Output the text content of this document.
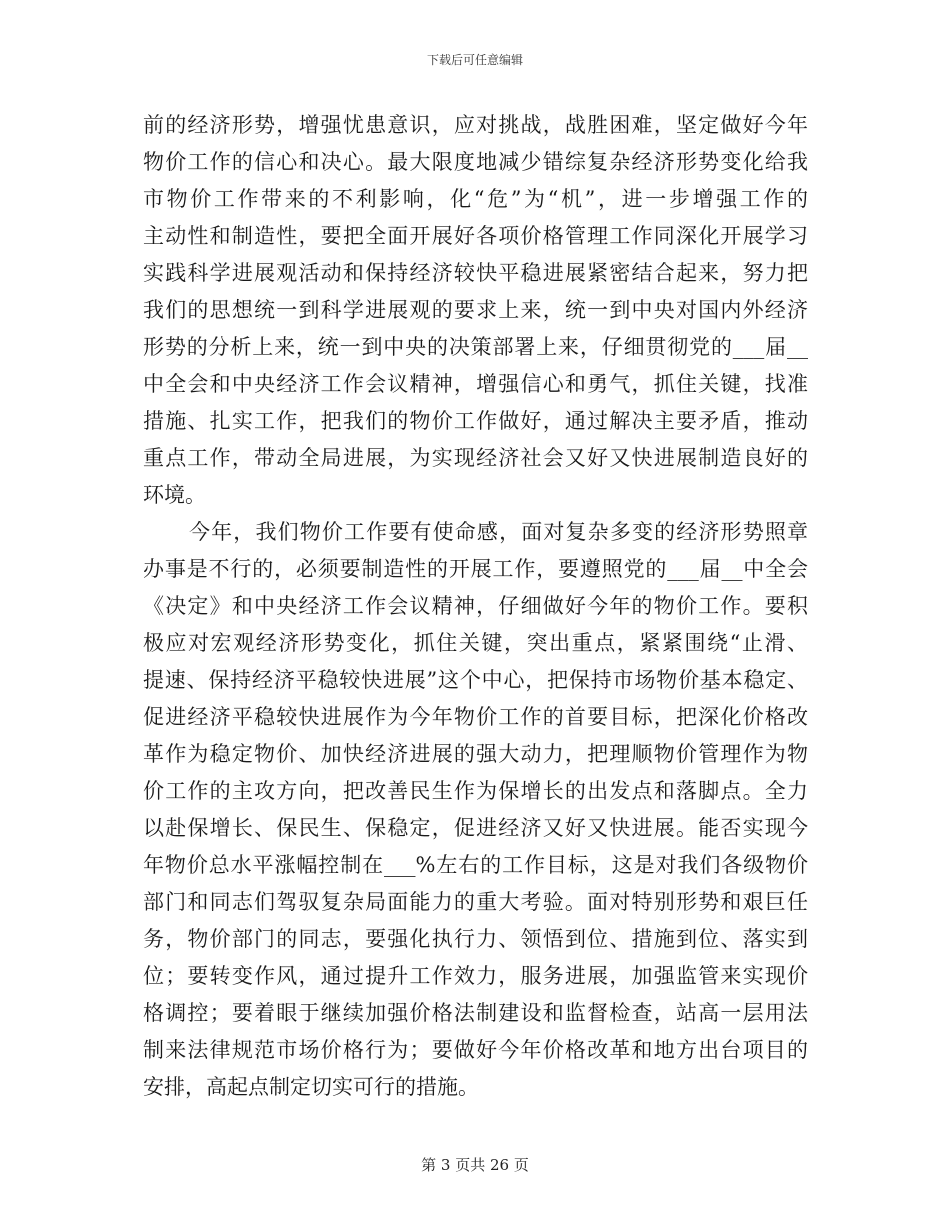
下载后可任意编辑
前的经济形势，增强忧患意识，应对挑战，战胜困难，坚定做好今年
物价工作的信心和决心。最大限度地减少错综复杂经济形势变化给我
市物价工作带来的不利影响，化“危”为“机”，进一步增强工作的
主动性和制造性，要把全面开展好各项价格管理工作同深化开展学习
实践科学进展观活动和保持经济较快平稳进展紧密结合起来，努力把
我们的思想统一到科学进展观的要求上来，统一到中央对国内外经济
形势的分析上来，统一到中央的决策部署上来，仔细贯彻党的___届__
中全会和中央经济工作会议精神，增强信心和勇气，抓住关键，找准
措施、扎实工作，把我们的物价工作做好，通过解决主要矛盾，推动
重点工作，带动全局进展，为实现经济社会又好又快进展制造良好的
环境。
今年，我们物价工作要有使命感，面对复杂多变的经济形势照章
办事是不行的，必须要制造性的开展工作，要遵照党的___届__中全会
《决定》和中央经济工作会议精神，仔细做好今年的物价工作。要积
极应对宏观经济形势变化，抓住关键，突出重点，紧紧围绕“止滑、
提速、保持经济平稳较快进展”这个中心，把保持市场物价基本稳定、
促进经济平稳较快进展作为今年物价工作的首要目标，把深化价格改
革作为稳定物价、加快经济进展的强大动力，把理顺物价管理作为物
价工作的主攻方向，把改善民生作为保增长的出发点和落脚点。全力
以赴保增长、保民生、保稳定，促进经济又好又快进展。能否实现今
年物价总水平涨幅控制在___%左右的工作目标，这是对我们各级物价
部门和同志们驾驭复杂局面能力的重大考验。面对特别形势和艰巨任
务，物价部门的同志，要强化执行力、领悟到位、措施到位、落实到
位；要转变作风，通过提升工作效力，服务进展，加强监管来实现价
格调控；要着眼于继续加强价格法制建设和监督检查，站高一层用法
制来法律规范市场价格行为；要做好今年价格改革和地方出台项目的
安排，高起点制定切实可行的措施。
第 3 页共 26 页
